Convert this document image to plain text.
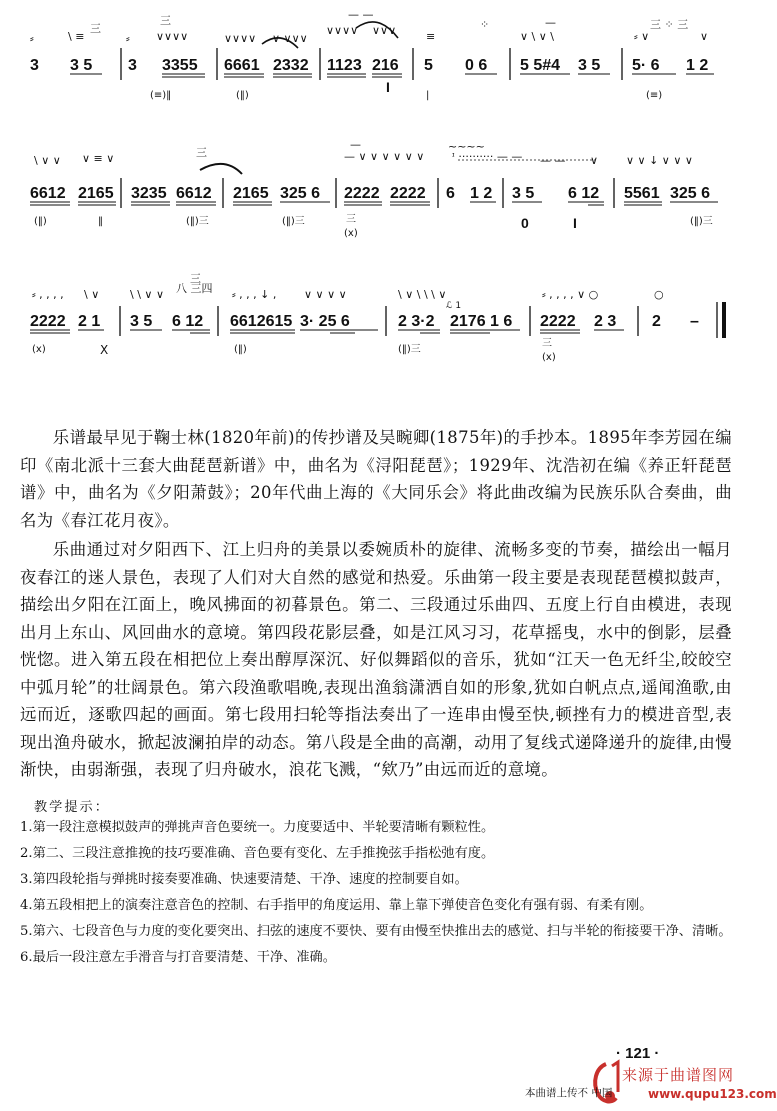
3 3 5 3 3355 6661 2332 1123 216 5 0 6 5 5#4 3 5 5· 6 1 2
⸗	\ ≡
三
⸗ ∨∨∨∨
三
∨∨∨∨ ∨ ∨∨∨
∨∨∨∨ ∨∨∨
— —
≡
⁘
∨ \ ∨ \
—
⸗ ∨
三 ⁘ 三
∨
(≡)‖	(‖)	(≡)
I
|
6612 2165 3235 6612 2165 325 6 2222 2222 6 1 2 3 5 6 12 5561 325 6
\ ∨ ∨ ∨ ≡ ∨	三	— ∨ ∨ ∨ ∨ ∨ ∨
—
ᶦ ·········· — —
~~~~
— — ∨	∨ ∨ ↓ ∨ ∨ ∨
(‖)	‖	(‖)三	(‖)三	三
(x)
(‖)三
0	I
2222 2 1 3 5 6 12 6612615 3· 25 6	2 3·2 2176 1 6 2222 2 3 2 –
⸗ , , , , \ ∨	\ \ ∨ ∨ 八 三四
三
⸗ , , , ↓ ,	∨ ∨ ∨ ∨	\ ∨ \ \ \ ∨	⸗ , , , , ∨ ○	○
ℒ 1
(x)	(‖)	(‖)三
三
(x)
X
乐谱最早见于鞠士林(1820年前)的传抄谱及吴畹卿(1875年)的手抄本。1895年李芳园在编印《南北派十三套大曲琵琶新谱》中，曲名为《浔阳琵琶》；1929年、沈浩初在编《养正轩琵琶谱》中，曲名为《夕阳萧鼓》；20年代曲上海的《大同乐会》将此曲改编为民族乐队合奏曲，曲名为《春江花月夜》。
乐曲通过对夕阳西下、江上归舟的美景以委婉质朴的旋律、流畅多变的节奏，描绘出一幅月夜春江的迷人景色，表现了人们对大自然的感觉和热爱。乐曲第一段主要是表现琵琶模拟鼓声，描绘出夕阳在江面上，晚风拂面的初暮景色。第二、三段通过乐曲四、五度上行自由模进，表现出月上东山、风回曲水的意境。第四段花影层叠，如是江风习习，花草摇曳，水中的倒影，层叠恍惚。进入第五段在相把位上奏出醇厚深沉、好似舞蹈似的音乐，犹如“江天一色无纤尘,皎皎空中弧月轮”的壮阔景色。第六段渔歌唱晚,表现出渔翁潇洒自如的形象,犹如白帆点点,遥闻渔歌,由远而近，逐歌四起的画面。第七段用扫轮等指法奏出了一连串由慢至快,顿挫有力的模进音型,表现出渔舟破水，掀起波澜拍岸的动态。第八段是全曲的高潮，动用了复线式递降递升的旋律,由慢渐快，由弱渐强，表现了归舟破水，浪花飞溅，“欸乃”由远而近的意境。
教学提示：
1.第一段注意模拟鼓声的弹挑声音色要统一。力度要适中、半轮要清晰有颗粒性。
2.第二、三段注意推挽的技巧要准确、音色要有变化、左手推挽弦手指松弛有度。
3.第四段轮指与弹挑时接奏要准确、快速要清楚、干净、速度的控制要自如。
4.第五段相把上的演奏注意音色的控制、右手指甲的角度运用、靠上靠下弹使音色变化有强有弱、有柔有刚。
5.第六、七段音色与力度的变化要突出、扫弦的速度不要快、要有由慢至快推出去的感觉、扫与半轮的衔接要干净、清晰。
6.最后一段注意左手滑音与打音要清楚、干净、准确。
· 121 ·
来源于曲谱图网
www.qupu123.com
本曲谱上传不 中国
